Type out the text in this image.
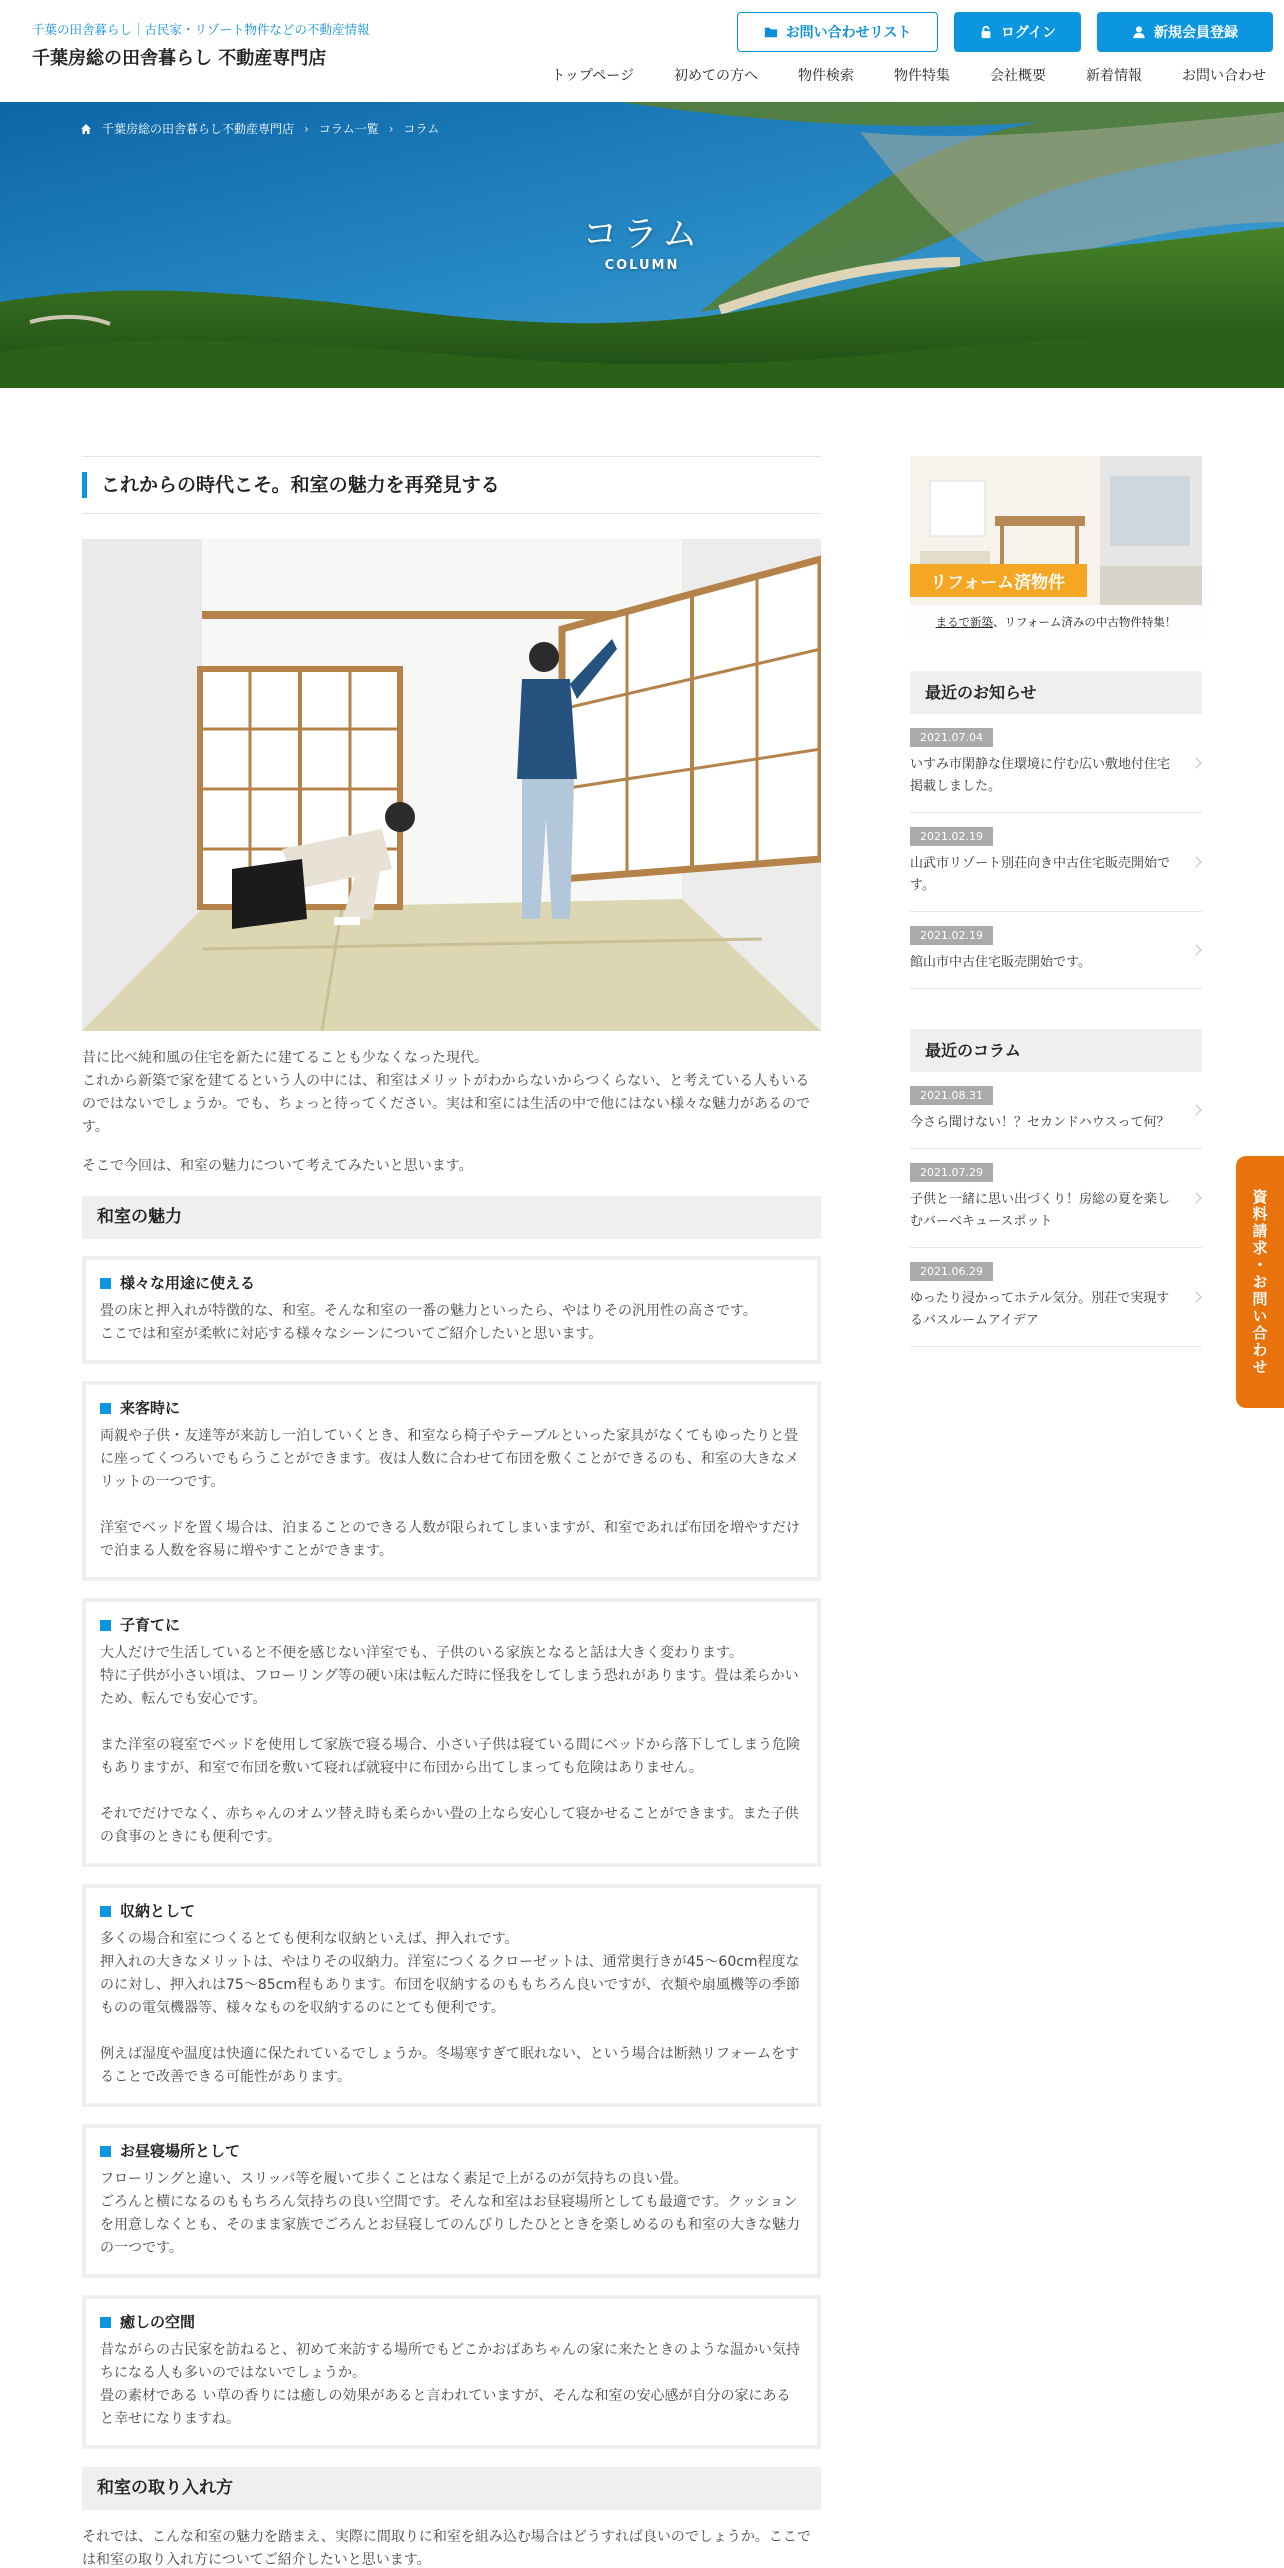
千葉の田舎暮らし｜古民家・リゾート物件などの不動産情報
千葉房総の田舎暮らし 不動産専門店
お問い合わせリスト	ログイン	新規会員登録
トップページ	初めての方へ	物件検索	物件特集	会社概要	新着情報	お問い合わせ
千葉房総の田舎暮らし不動産専門店 › コラム一覧 › コラム
コラム
COLUMN
これからの時代こそ。和室の魅力を再発見する

昔に比べ純和風の住宅を新たに建てることも少なくなった現代。
これから新築で家を建てるという人の中には、和室はメリットがわからないからつくらない、と考えている人もいるのではないでしょうか。でも、ちょっと待ってください。実は和室には生活の中で他にはない様々な魅力があるのです。

そこで今回は、和室の魅力について考えてみたいと思います。

和室の魅力
様々な用途に使える

畳の床と押入れが特徴的な、和室。そんな和室の一番の魅力といったら、やはりその汎用性の高さです。
ここでは和室が柔軟に対応する様々なシーンについてご紹介したいと思います。

来客時に

両親や子供・友達等が来訪し一泊していくとき、和室なら椅子やテーブルといった家具がなくてもゆったりと畳に座ってくつろいでもらうことができます。夜は人数に合わせて布団を敷くことができるのも、和室の大きなメリットの一つです。

洋室でベッドを置く場合は、泊まることのできる人数が限られてしまいますが、和室であれば布団を増やすだけで泊まる人数を容易に増やすことができます。

子育てに

大人だけで生活していると不便を感じない洋室でも、子供のいる家族となると話は大きく変わります。
特に子供が小さい頃は、フローリング等の硬い床は転んだ時に怪我をしてしまう恐れがあります。畳は柔らかいため、転んでも安心です。

また洋室の寝室でベッドを使用して家族で寝る場合、小さい子供は寝ている間にベッドから落下してしまう危険もありますが、和室で布団を敷いて寝れば就寝中に布団から出てしまっても危険はありません。

それでだけでなく、赤ちゃんのオムツ替え時も柔らかい畳の上なら安心して寝かせることができます。また子供の食事のときにも便利です。

収納として

多くの場合和室につくるとても便利な収納といえば、押入れです。
押入れの大きなメリットは、やはりその収納力。洋室につくるクローゼットは、通常奥行きが45～60cm程度なのに対し、押入れは75～85cm程もあります。布団を収納するのももちろん良いですが、衣類や扇風機等の季節ものの電気機器等、様々なものを収納するのにとても便利です。

例えば湿度や温度は快適に保たれているでしょうか。冬場寒すぎて眠れない、という場合は断熱リフォームをすることで改善できる可能性があります。

お昼寝場所として

フローリングと違い、スリッパ等を履いて歩くことはなく素足で上がるのが気持ちの良い畳。
ごろんと横になるのももちろん気持ちの良い空間です。そんな和室はお昼寝場所としても最適です。クッションを用意しなくとも、そのまま家族でごろんとお昼寝してのんびりしたひとときを楽しめるのも和室の大きな魅力の一つです。

癒しの空間

昔ながらの古民家を訪ねると、初めて来訪する場所でもどこかおばあちゃんの家に来たときのような温かい気持ちになる人も多いのではないでしょうか。
畳の素材である い草の香りには癒しの効果があると言われていますが、そんな和室の安心感が自分の家にあると幸せになりますね。

和室の取り入れ方

それでは、こんな和室の魅力を踏まえ、実際に間取りに和室を組み込む場合はどうすれば良いのでしょうか。ここでは和室の取り入れ方についてご紹介したいと思います。

リフォーム済物件
まるで新築、リフォーム済みの中古物件特集！
最近のお知らせ
2021.07.04
いすみ市閑静な住環境に佇む広い敷地付住宅掲載しました。
2021.02.19
山武市リゾート別荘向き中古住宅販売開始です。
2021.02.19
館山市中古住宅販売開始です。
最近のコラム
2021.08.31
今さら聞けない！？セカンドハウスって何？
2021.07.29
子供と一緒に思い出づくり！房総の夏を楽しむバーベキュースポット
2021.06.29
ゆったり浸かってホテル気分。別荘で実現するバスルームアイデア	資料請求・お問い合わせ
